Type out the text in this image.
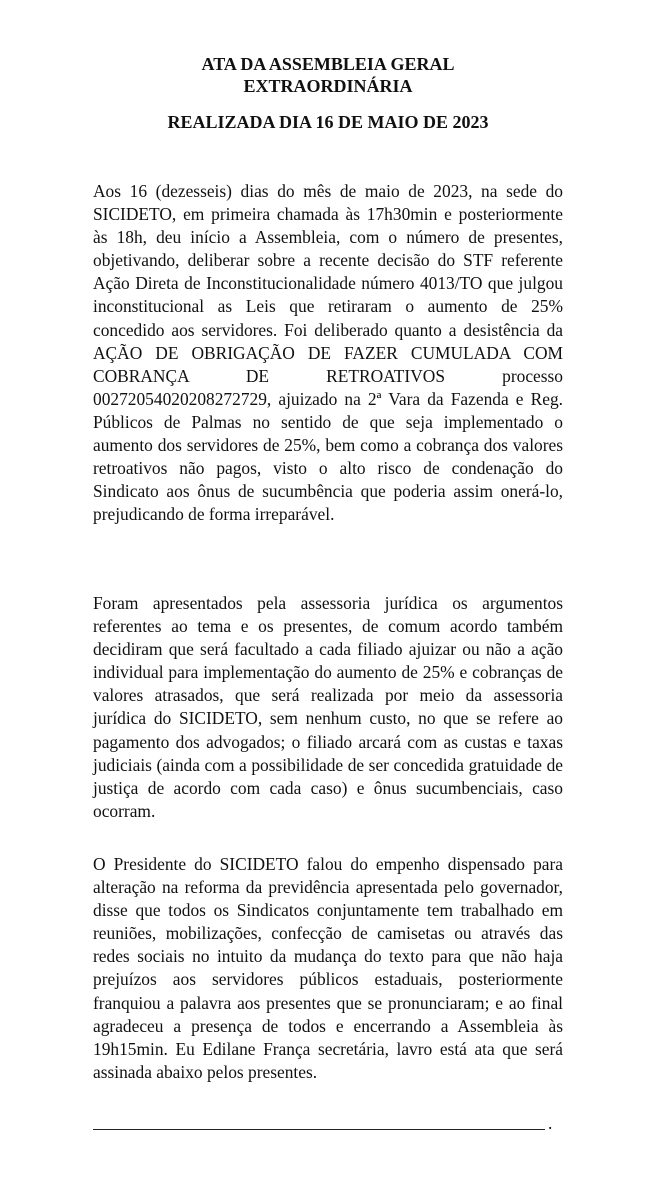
ATA DA ASSEMBLEIA GERAL
EXTRAORDINÁRIA
REALIZADA DIA 16 DE MAIO DE 2023

Aos 16 (dezesseis) dias do mês de maio de 2023, na sede do SICIDETO, em primeira chamada às 17h30min e posteriormente às 18h, deu início a Assembleia, com o número de presentes, objetivando, deliberar sobre a recente decisão do STF referente Ação Direta de Inconstitucionalidade número 4013/TO que julgou inconstitucional as Leis que retiraram o aumento de 25% concedido aos servidores. Foi deliberado quanto a desistência da AÇÃO DE OBRIGAÇÃO DE FAZER CUMULADA COM COBRANÇA DE RETROATIVOS processo 00272054020208272729, ajuizado na 2ª Vara da Fazenda e Reg. Públicos de Palmas no sentido de que seja implementado o aumento dos servidores de 25%, bem como a cobrança dos valores retroativos não pagos, visto o alto risco de condenação do Sindicato aos ônus de sucumbência que poderia assim onerá-lo, prejudicando de forma irreparável.

Foram apresentados pela assessoria jurídica os argumentos referentes ao tema e os presentes, de comum acordo também decidiram que será facultado a cada filiado ajuizar ou não a ação individual para implementação do aumento de 25% e cobranças de valores atrasados, que será realizada por meio da assessoria jurídica do SICIDETO, sem nenhum custo, no que se refere ao pagamento dos advogados; o filiado arcará com as custas e taxas judiciais (ainda com a possibilidade de ser concedida gratuidade de justiça de acordo com cada caso) e ônus sucumbenciais, caso ocorram.

O Presidente do SICIDETO falou do empenho dispensado para alteração na reforma da previdência apresentada pelo governador, disse que todos os Sindicatos conjuntamente tem trabalhado em reuniões, mobilizações, confecção de camisetas ou através das redes sociais no intuito da mudança do texto para que não haja prejuízos aos servidores públicos estaduais, posteriormente franquiou a palavra aos presentes que se pronunciaram; e ao final agradeceu a presença de todos e encerrando a Assembleia às 19h15min. Eu Edilane França secretária, lavro está ata que será assinada abaixo pelos presentes.

.
